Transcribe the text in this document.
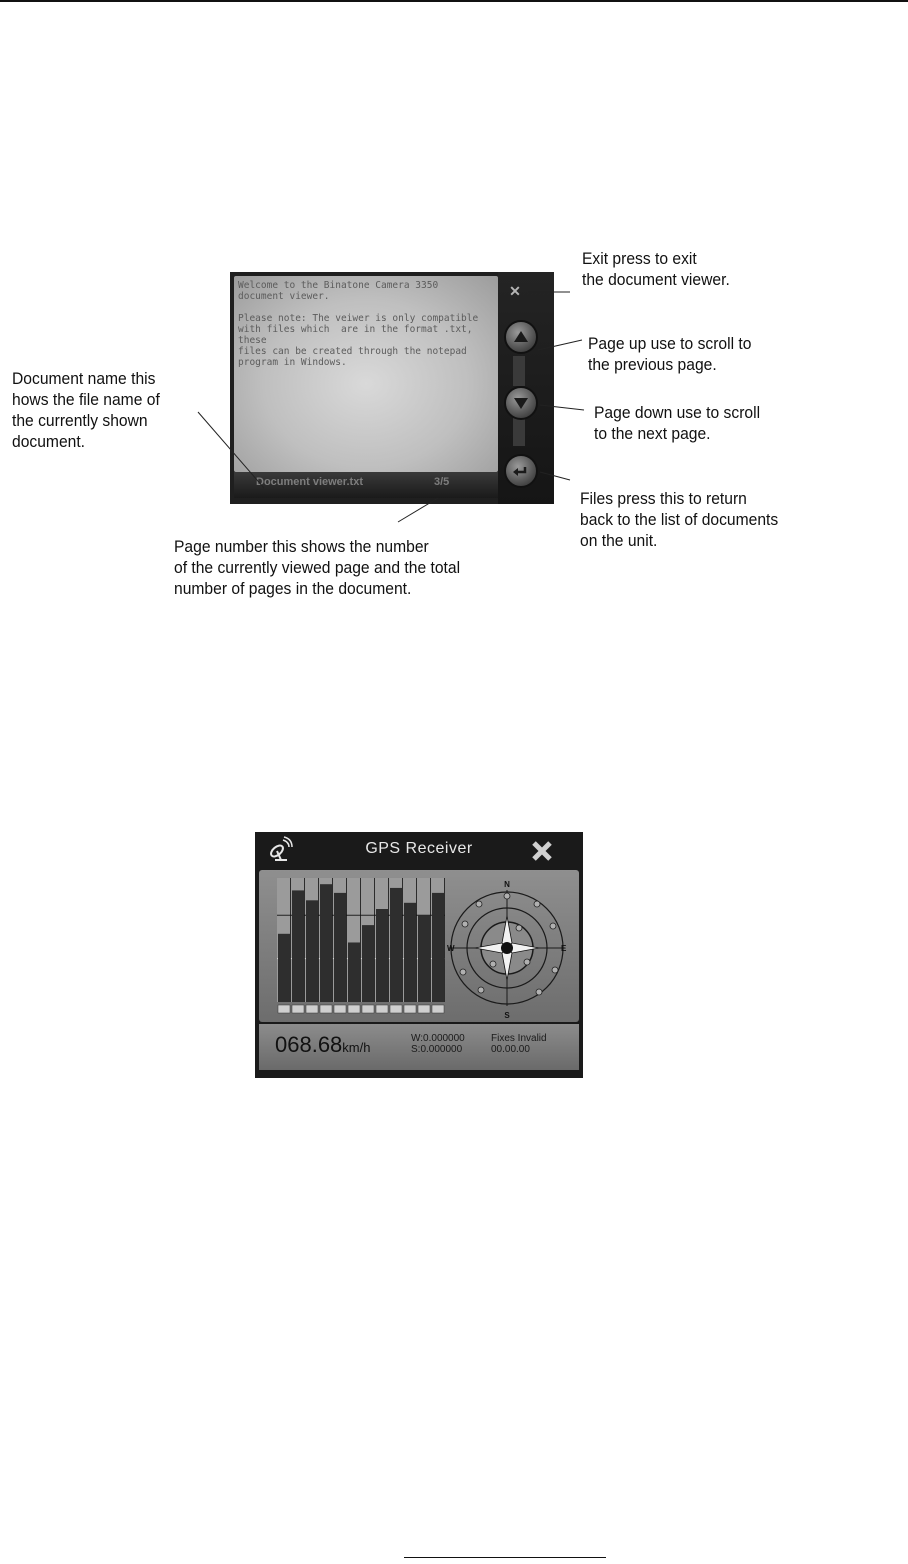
Welcome to the Binatone Camera 3350
document viewer.

Please note: The veiwer is only compatible
with files which  are in the format .txt, these
files can be created through the notepad
program in Windows.
✕
Document viewer.txt	3/5
Exit press to exit
the document viewer.
Page up use to scroll to
the previous page.
Page down use to scroll
to the next page.
Files press this to return
back to the list of documents
on the unit.
Document name this
hows the file name of
the currently shown
document.
Page number this shows the number
of the currently viewed page and the total
number of pages in the document.
GPS Receiver
N
S
W	E
068.68km/h
W:0.000000
S:0.000000
Fixes Invalid
00.00.00
